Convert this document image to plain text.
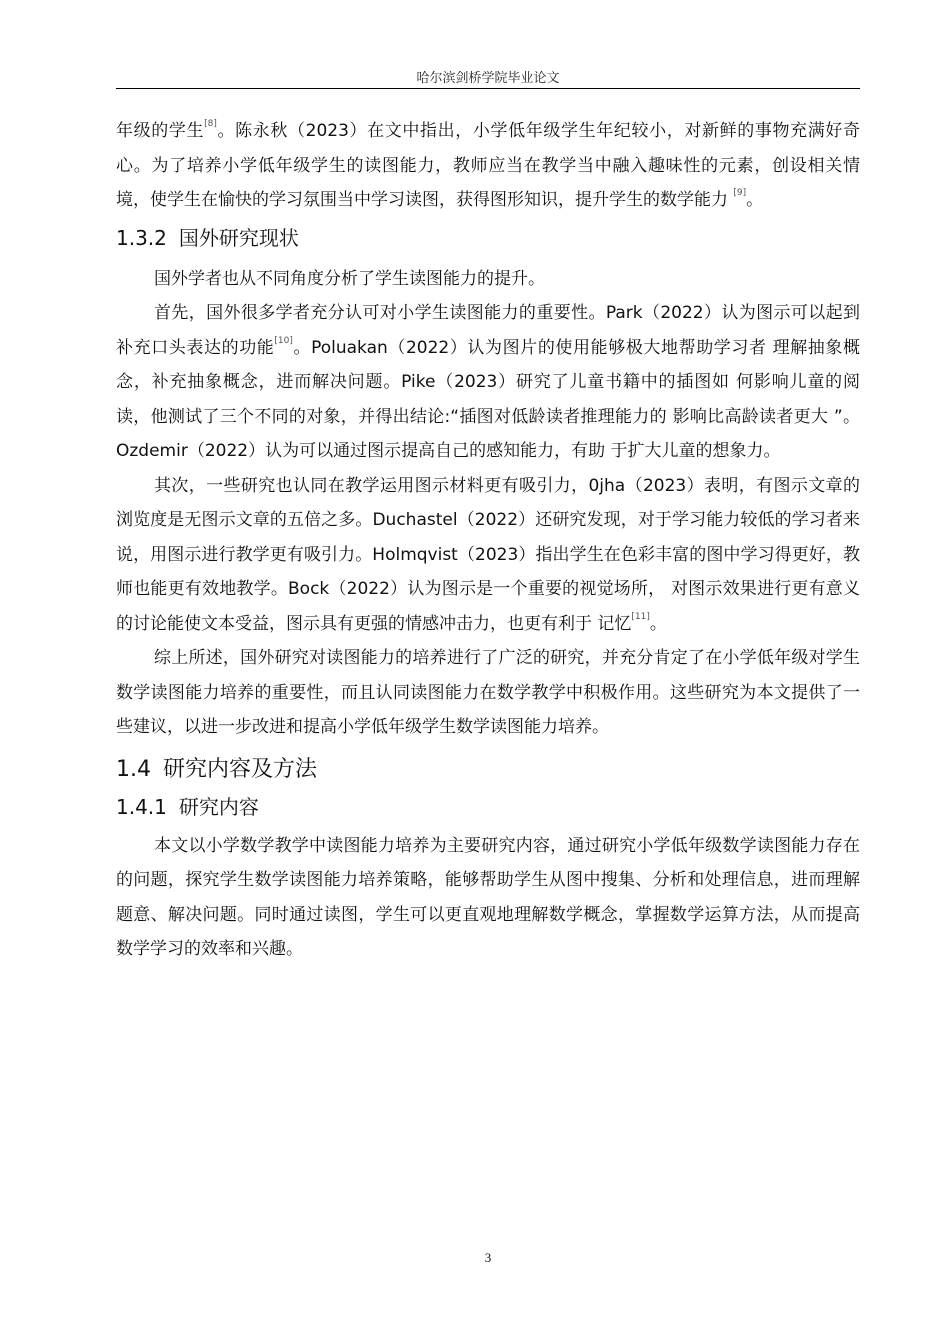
哈尔滨剑桥学院毕业论文

年级的学生[8]。陈永秋（2023）在文中指出，小学低年级学生年纪较小，对新鲜的事物充满好奇心。为了培养小学低年级学生的读图能力，教师应当在教学当中融入趣味性的元素，创设相关情境，使学生在愉快的学习氛围当中学习读图，获得图形知识，提升学生的数学能力 [9]。

1.3.2 国外研究现状

国外学者也从不同角度分析了学生读图能力的提升。

首先，国外很多学者充分认可对小学生读图能力的重要性。Park（2022）认为图示可以起到补充口头表达的功能[10]。Poluakan（2022）认为图片的使用能够极大地帮助学习者 理解抽象概念，补充抽象概念，进而解决问题。Pike（2023）研究了儿童书籍中的插图如 何影响儿童的阅读，他测试了三个不同的对象，并得出结论:“插图对低龄读者推理能力的 影响比高龄读者更大 ”。Ozdemir（2022）认为可以通过图示提高自己的感知能力，有助 于扩大儿童的想象力。

其次，一些研究也认同在教学运用图示材料更有吸引力，0jha（2023）表明，有图示文章的浏览度是无图示文章的五倍之多。Duchastel（2022）还研究发现，对于学习能力较低的学习者来说，用图示进行教学更有吸引力。Holmqvist（2023）指出学生在色彩丰富的图中学习得更好，教师也能更有效地教学。Bock（2022）认为图示是一个重要的视觉场所， 对图示效果进行更有意义的讨论能使文本受益，图示具有更强的情感冲击力，也更有利于 记忆[11]。

综上所述，国外研究对读图能力的培养进行了广泛的研究，并充分肯定了在小学低年级对学生数学读图能力培养的重要性，而且认同读图能力在数学教学中积极作用。这些研究为本文提供了一些建议，以进一步改进和提高小学低年级学生数学读图能力培养。

1.4 研究内容及方法
1.4.1 研究内容

本文以小学数学教学中读图能力培养为主要研究内容，通过研究小学低年级数学读图能力存在的问题，探究学生数学读图能力培养策略，能够帮助学生从图中搜集、分析和处理信息，进而理解题意、解决问题。同时通过读图，学生可以更直观地理解数学概念，掌握数学运算方法，从而提高数学学习的效率和兴趣。

3
